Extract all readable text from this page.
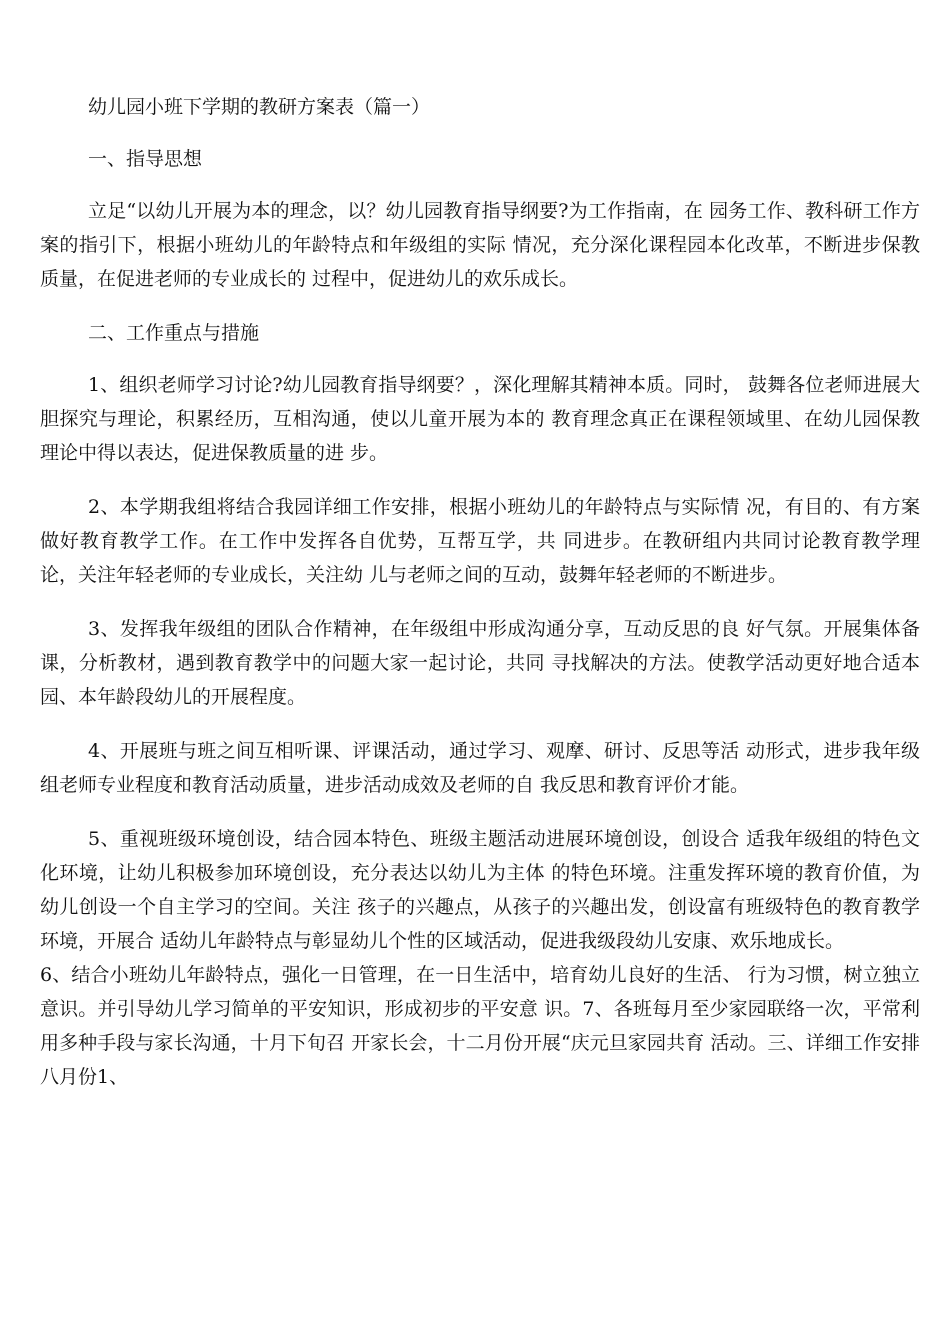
幼儿园小班下学期的教研方案表（篇一）

一、指导思想

立足“以幼儿开展为本的理念，以？幼儿园教育指导纲要?为工作指南，在 园务工作、教科研工作方案的指引下，根据小班幼儿的年龄特点和年级组的实际 情况，充分深化课程园本化改革，不断进步保教质量，在促进老师的专业成长的 过程中，促进幼儿的欢乐成长。

二、工作重点与措施

1、组织老师学习讨论?幼儿园教育指导纲要？，深化理解其精神本质。同时， 鼓舞各位老师进展大胆探究与理论，积累经历，互相沟通，使以儿童开展为本的 教育理念真正在课程领域里、在幼儿园保教理论中得以表达，促进保教质量的进 步。

2、本学期我组将结合我园详细工作安排，根据小班幼儿的年龄特点与实际情 况，有目的、有方案做好教育教学工作。在工作中发挥各自优势，互帮互学，共 同进步。在教研组内共同讨论教育教学理论，关注年轻老师的专业成长，关注幼 儿与老师之间的互动，鼓舞年轻老师的不断进步。

3、发挥我年级组的团队合作精神，在年级组中形成沟通分享，互动反思的良 好气氛。开展集体备课，分析教材，遇到教育教学中的问题大家一起讨论，共同 寻找解决的方法。使教学活动更好地合适本园、本年龄段幼儿的开展程度。

4、开展班与班之间互相听课、评课活动，通过学习、观摩、研讨、反思等活 动形式，进步我年级组老师专业程度和教育活动质量，进步活动成效及老师的自 我反思和教育评价才能。

5、重视班级环境创设，结合园本特色、班级主题活动进展环境创设，创设合 适我年级组的特色文化环境，让幼儿积极参加环境创设，充分表达以幼儿为主体 的特色环境。注重发挥环境的教育价值，为幼儿创设一个自主学习的空间。关注 孩子的兴趣点，从孩子的兴趣出发，创设富有班级特色的教育教学环境，开展合 适幼儿年龄特点与彰显幼儿个性的区域活动，促进我级段幼儿安康、欢乐地成长。

6、结合小班幼儿年龄特点，强化一日管理，在一日生活中，培育幼儿良好的生活、 行为习惯，树立独立意识。并引导幼儿学习简单的平安知识，形成初步的平安意 识。7、各班每月至少家园联络一次，平常利用多种手段与家长沟通，十月下旬召 开家长会，十二月份开展“庆元旦家园共育 活动。三、详细工作安排八月份1、
